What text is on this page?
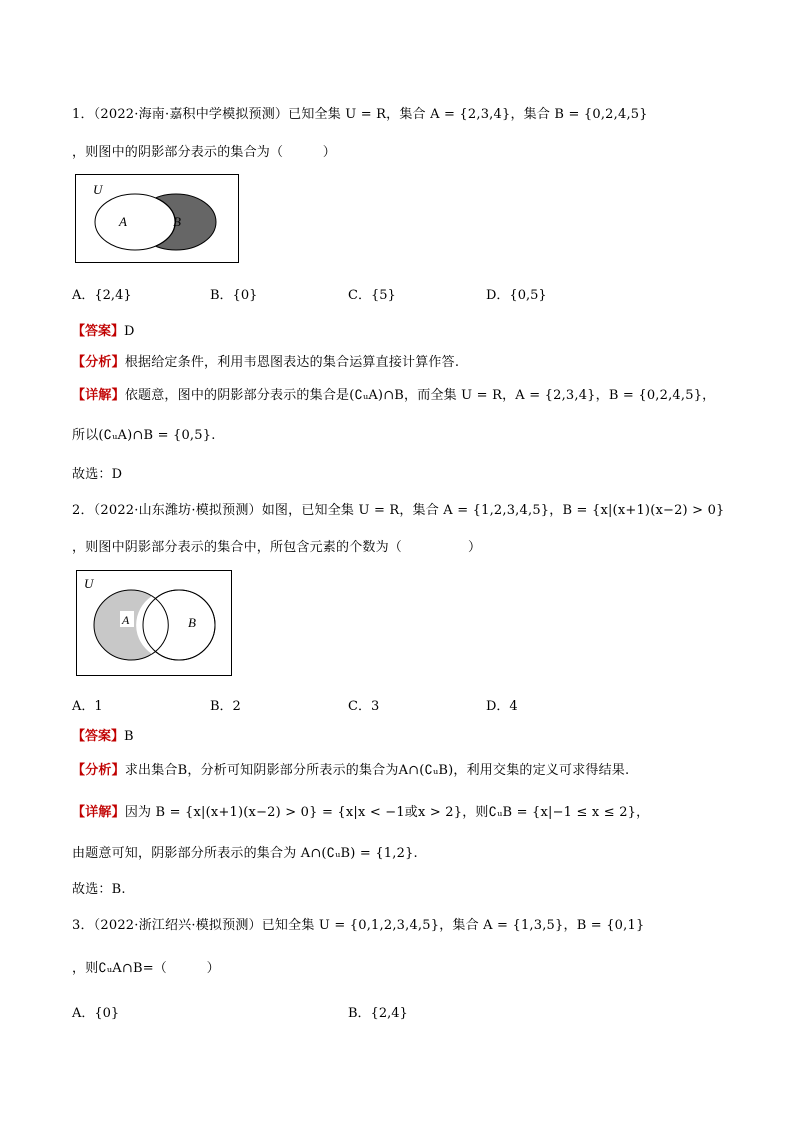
1．（2022·海南·嘉积中学模拟预测）已知全集 U = R，集合 A = {2,3,4}，集合 B = {0,2,4,5}
，则图中的阴影部分表示的集合为（　　　）
U
A	B
A．{2,4}	B．{0}	C．{5}	D．{0,5}
【答案】D
【分析】根据给定条件，利用韦恩图表达的集合运算直接计算作答.
【详解】依题意，图中的阴影部分表示的集合是(∁ᵤA)∩B，而全集 U = R，A = {2,3,4}，B = {0,2,4,5}，
所以(∁ᵤA)∩B = {0,5}.
故选：D
2．（2022·山东潍坊·模拟预测）如图，已知全集 U = R，集合 A = {1,2,3,4,5}，B = {x|(x+1)(x−2) > 0}
，则图中阴影部分表示的集合中，所包含元素的个数为（　　　　　）
U
A	B
A．1	B．2	C．3	D．4
【答案】B
【分析】求出集合B，分析可知阴影部分所表示的集合为A∩(∁ᵤB)，利用交集的定义可求得结果.
【详解】因为 B = {x|(x+1)(x−2) > 0} = {x|x < −1或x > 2}，则∁ᵤB = {x|−1 ≤ x ≤ 2}，
由题意可知，阴影部分所表示的集合为 A∩(∁ᵤB) = {1,2}.
故选：B.
3．（2022·浙江绍兴·模拟预测）已知全集 U = {0,1,2,3,4,5}，集合 A = {1,3,5}，B = {0,1}
，则∁ᵤA∩B=（　　　）
A．{0}	B．{2,4}
